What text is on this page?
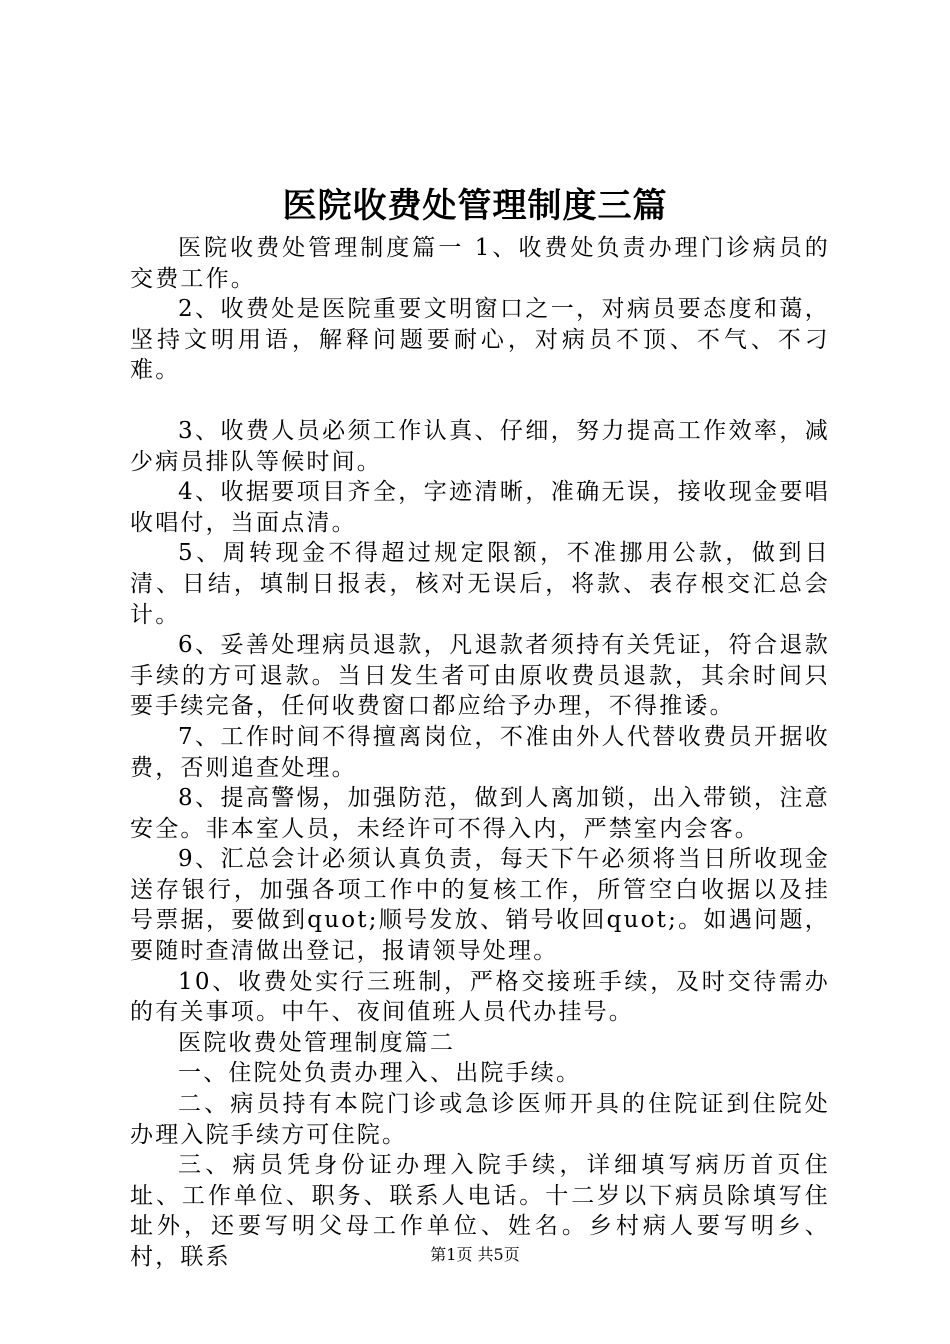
医院收费处管理制度三篇

医院收费处管理制度篇一 1、收费处负责办理门诊病员的交费工作。

2、收费处是医院重要文明窗口之一，对病员要态度和蔼，坚持文明用语，解释问题要耐心，对病员不顶、不气、不刁难。

3、收费人员必须工作认真、仔细，努力提高工作效率，减少病员排队等候时间。

4、收据要项目齐全，字迹清晰，准确无误，接收现金要唱收唱付，当面点清。

5、周转现金不得超过规定限额，不准挪用公款，做到日清、日结，填制日报表，核对无误后，将款、表存根交汇总会计。

6、妥善处理病员退款，凡退款者须持有关凭证，符合退款手续的方可退款。当日发生者可由原收费员退款，其余时间只要手续完备，任何收费窗口都应给予办理，不得推诿。

7、工作时间不得擅离岗位，不准由外人代替收费员开据收费，否则追查处理。

8、提高警惕，加强防范，做到人离加锁，出入带锁，注意安全。非本室人员，未经许可不得入内，严禁室内会客。

9、汇总会计必须认真负责，每天下午必须将当日所收现金送存银行，加强各项工作中的复核工作，所管空白收据以及挂号票据，要做到quot;顺号发放、销号收回quot;。如遇问题，要随时查清做出登记，报请领导处理。

10、收费处实行三班制，严格交接班手续，及时交待需办的有关事项。中午、夜间值班人员代办挂号。

医院收费处管理制度篇二

一、住院处负责办理入、出院手续。

二、病员持有本院门诊或急诊医师开具的住院证到住院处办理入院手续方可住院。

三、病员凭身份证办理入院手续，详细填写病历首页住址、工作单位、职务、联系人电话。十二岁以下病员除填写住址外，还要写明父母工作单位、姓名。乡村病人要写明乡、村，联系	第1页 共5页
